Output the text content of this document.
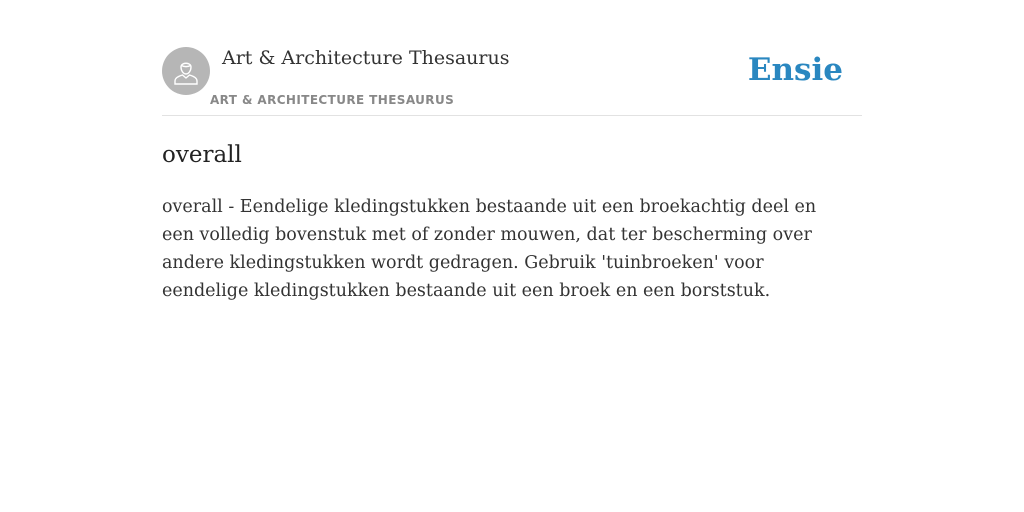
Art & Architecture Thesaurus
ART & ARCHITECTURE THESAURUS
Ensie
overall

overall - Eendelige kledingstukken bestaande uit een broekachtig deel en een volledig bovenstuk met of zonder mouwen, dat ter bescherming over andere kledingstukken wordt gedragen. Gebruik 'tuinbroeken' voor eendelige kledingstukken bestaande uit een broek en een borststuk.
